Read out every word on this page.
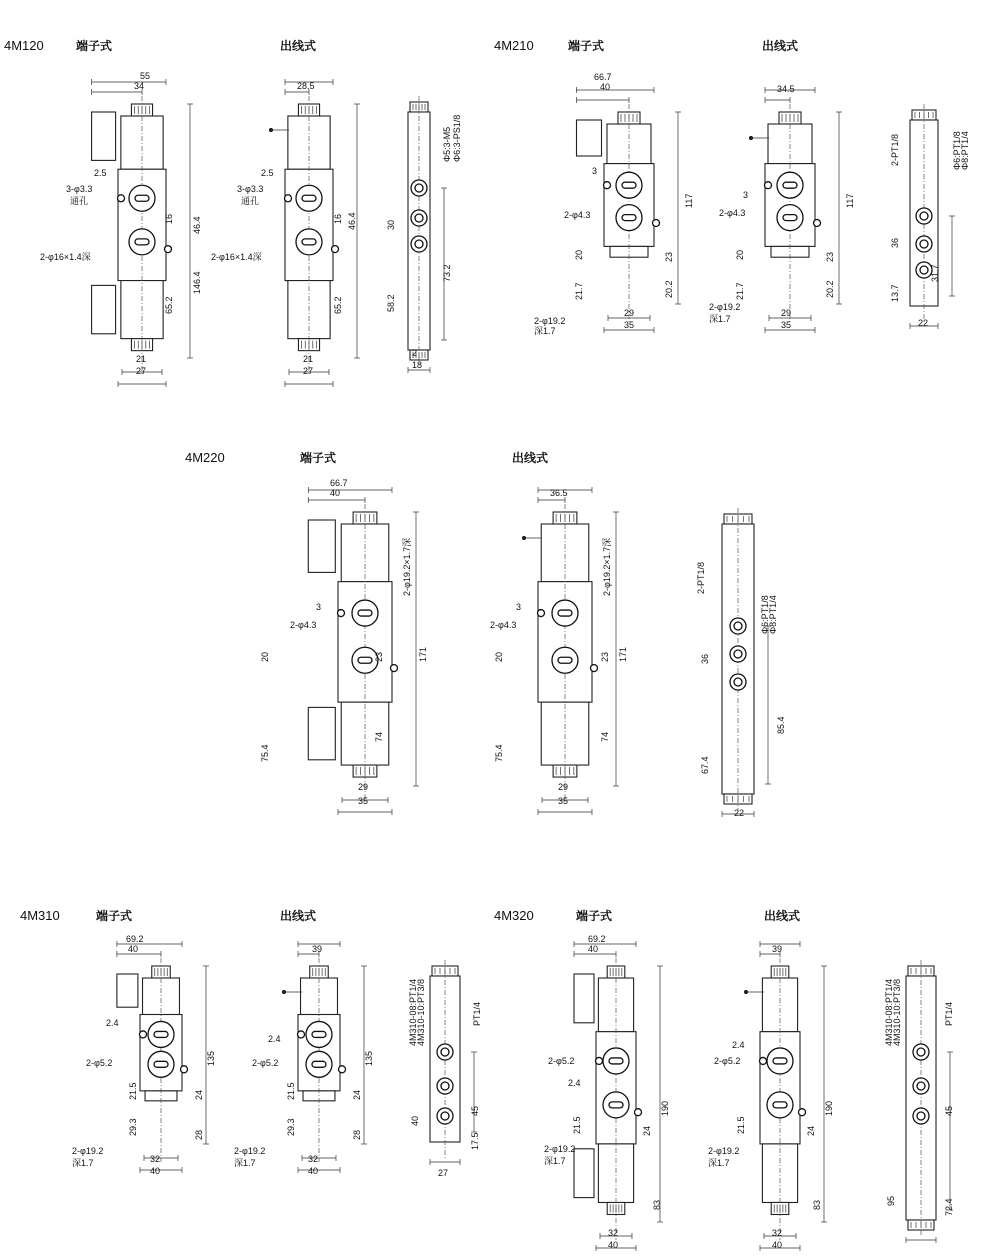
4M120	端子式	出线式
55
34
2.5
3-φ3.3
通孔
2-φ16×1.4深
16 46.4
65.2
146.4
21
27
28.5
2.5
3-φ3.3
通孔
2-φ16×1.4深
16 46.4
65.2
21
27
Φ5:3-M5 Φ6:3-PS1/8
30
58.2
73.2
2
18
4M210	端子式	出线式
66.7
40
3
2-φ4.3
20
21.7
23
20.2
117
2-φ19.2
深1.7
29
35
34.5
3
2-φ4.3
20
21.7
23
20.2
117
2-φ19.2
深1.7
29
35
2-PT1/8	Φ6:PT1/8
Φ8:PT1/4
36
13.7
31.7
22
4M220	端子式	出线式
66.7
40
2-φ19.2×1.7深
3
2-φ4.3
20	23	171
75.4
74
29
35
36.5
2-φ19.2×1.7深
3
2-φ4.3
20	23 171
75.4
74
29
35
2-PT1/8
Φ6:PT1/8
Φ8:PT1/4
36
67.4
85.4
22
4M310	端子式	出线式
69.2
40
2.4
2-φ5.2
21.5
29.3
24
28
135
2-φ19.2
深1.7	32
40
39
2.4
2-φ5.2
21.5
29.3
24
28
135
2-φ19.2
深1.7	32
40
4M310-08:PT1/4
4M310-10:PT3/8	PT1/4
45
40
17.5
27
4M320	端子式	出线式
69.2
40
2.4
2-φ5.2
21.5	24
190
2-φ19.2
深1.7
83
32
40
39
2.4
2-φ5.2
21.5	24
190
2-φ19.2
深1.7
83
32
40
4M310-08:PT1/4
4M310-10:PT3/8	PT1/4
45
95	72.4
